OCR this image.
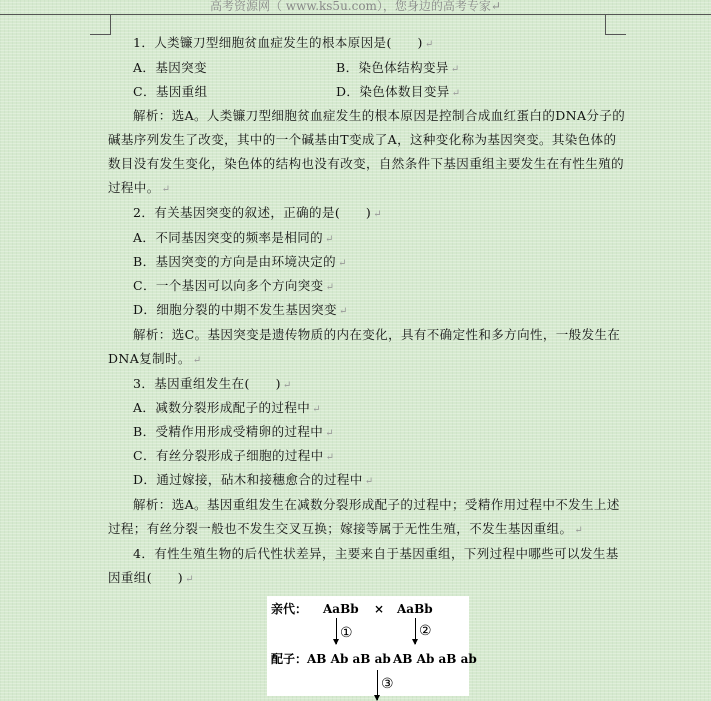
高考资源网（ www.ks5u.com），您身边的高考专家↵
1．人类镰刀型细胞贫血症发生的根本原因是(　　) ↵
A．基因突变	B．染色体结构变异 ↵
C．基因重组	D．染色体数目变异 ↵
解析：选A。人类镰刀型细胞贫血症发生的根本原因是控制合成血红蛋白的DNA分子的
碱基序列发生了改变，其中的一个碱基由T变成了A，这种变化称为基因突变。其染色体的
数目没有发生变化，染色体的结构也没有改变，自然条件下基因重组主要发生在有性生殖的
过程中。 ↵
2．有关基因突变的叙述，正确的是(　　) ↵
A．不同基因突变的频率是相同的 ↵
B．基因突变的方向是由环境决定的 ↵
C．一个基因可以向多个方向突变 ↵
D．细胞分裂的中期不发生基因突变 ↵
解析：选C。基因突变是遗传物质的内在变化，具有不确定性和多方向性，一般发生在
DNA复制时。 ↵
3．基因重组发生在(　　) ↵
A．减数分裂形成配子的过程中 ↵
B．受精作用形成受精卵的过程中 ↵
C．有丝分裂形成子细胞的过程中 ↵
D．通过嫁接，砧木和接穗愈合的过程中 ↵
解析：选A。基因重组发生在减数分裂形成配子的过程中；受精作用过程中不发生上述
过程；有丝分裂一般也不发生交叉互换；嫁接等属于无性生殖，不发生基因重组。 ↵
4．有性生殖生物的后代性状差异，主要来自于基因重组，下列过程中哪些可以发生基
因重组(　　) ↵
亲代： AaBb × AaBb
①	②
配子： AB Ab aB ab AB Ab aB ab
③
